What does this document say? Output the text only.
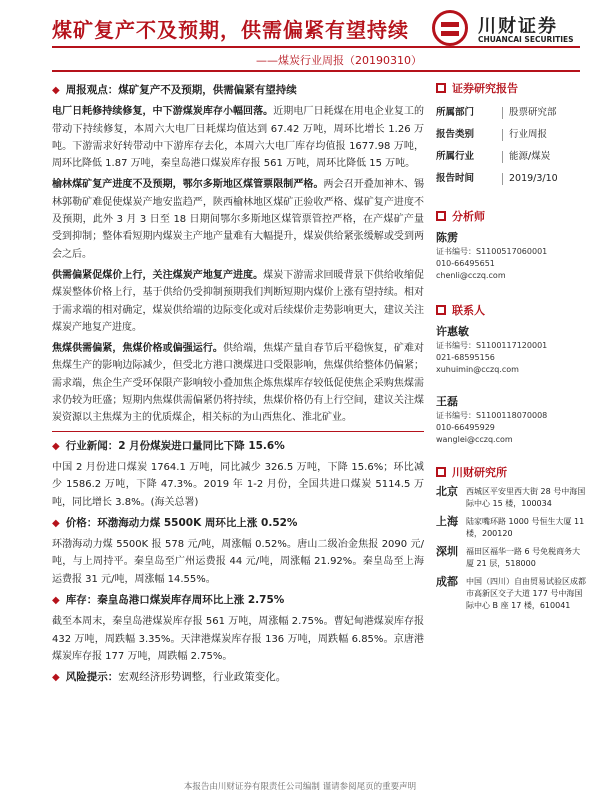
煤矿复产不及预期，供需偏紧有望持续
——煤炭行业周报（20190310）
川财证券
CHUANCAI SECURITIES
◆ 周报观点：煤矿复产不及预期，供需偏紧有望持续
电厂日耗修持续修复，中下游煤炭库存小幅回落。近期电厂日耗煤在用电企业复工的带动下持续修复，本周六大电厂日耗煤均值达到 67.42 万吨，周环比增长 1.26 万吨。下游需求好转带动中下游库存去化，本周六大电厂库存均值报 1677.98 万吨，周环比降低 1.87 万吨，秦皇岛港口煤炭库存报 561 万吨，周环比降低 15 万吨。
榆林煤矿复产进度不及预期，鄂尔多斯地区煤管票限制严格。两会召开叠加神木、锡林郭勒矿难促使煤炭产地安监趋严，陕西榆林地区煤矿正验收严格、煤矿复产进度不及预期，此外 3 月 3 日至 18 日期间鄂尔多斯地区煤管票管控严格，在产煤矿产量受到抑制；整体看短期内煤炭主产地产量难有大幅提升，煤炭供给紧张缓解或受到两会之后。
供需偏紧促煤价上行，关注煤炭产地复产进度。煤炭下游需求回暖背景下供给收缩促煤炭整体价格上行，基于供给仍受抑制预期我们判断短期内煤价上涨有望持续。相对于需求端的相对确定，煤炭供给端的边际变化或对后续煤价走势影响更大，建议关注煤炭产地复产进度。
焦煤供需偏紧，焦煤价格或偏强运行。供给端，焦煤产量自春节后平稳恢复，矿难对焦煤生产的影响边际减少，但受北方港口澳煤进口受限影响，焦煤供给整体仍偏紧；需求端，焦企生产受环保限产影响较小叠加焦企炼焦煤库存较低促使焦企采购焦煤需求仍较为旺盛；短期内焦煤供需偏紧仍将持续，焦煤价格仍有上行空间，建议关注煤炭资源以主焦煤为主的优质煤企，相关标的为山西焦化、淮北矿业。
◆ 行业新闻：2 月份煤炭进口量同比下降 15.6%
中国 2 月份进口煤炭 1764.1 万吨，同比减少 326.5 万吨，下降 15.6%；环比减少 1586.2 万吨，下降 47.3%。2019 年 1-2 月份，全国共进口煤炭 5114.5 万吨，同比增长 3.8%。(海关总署)
◆ 价格：环渤海动力煤 5500K 周环比上涨 0.52%
环渤海动力煤 5500K 报 578 元/吨，周涨幅 0.52%。唐山二级冶金焦报 2090 元/吨，与上周持平。秦皇岛至广州运费报 44 元/吨，周涨幅 21.92%。秦皇岛至上海运费报 31 元/吨，周涨幅 14.55%。
◆ 库存：秦皇岛港口煤炭库存周环比上涨 2.75%
截至本周末，秦皇岛港煤炭库存报 561 万吨，周涨幅 2.75%。曹妃甸港煤炭库存报 432 万吨，周跌幅 3.35%。天津港煤炭库存报 136 万吨，周跌幅 6.85%。京唐港煤炭库存报 177 万吨，周跌幅 2.75%。
◆ 风险提示： 宏观经济形势调整，行业政策变化。
证券研究报告
所属部门	股票研究部
报告类别	行业周报
所属行业	能源/煤炭
报告时间	2019/3/10
分析师
陈雳
证书编号：S1100517060001
010-66495651
chenli@cczq.com
联系人
许惠敏
证书编号：S1100117120001
021-68595156
xuhuimin@cczq.com
王磊
证书编号：S1100118070008
010-66495929
wanglei@cczq.com
川财研究所
北京	西城区平安里西大街 28 号中海国际中心 15 楼，100034
上海	陆家嘴环路 1000 号恒生大厦 11 楼，200120
深圳	福田区福华一路 6 号免税商务大厦 21 层，518000
成都	中国（四川）自由贸易试验区成都市高新区交子大道 177 号中海国际中心 B 座 17 楼，610041
本报告由川财证券有限责任公司编制 谨请参阅尾页的重要声明
